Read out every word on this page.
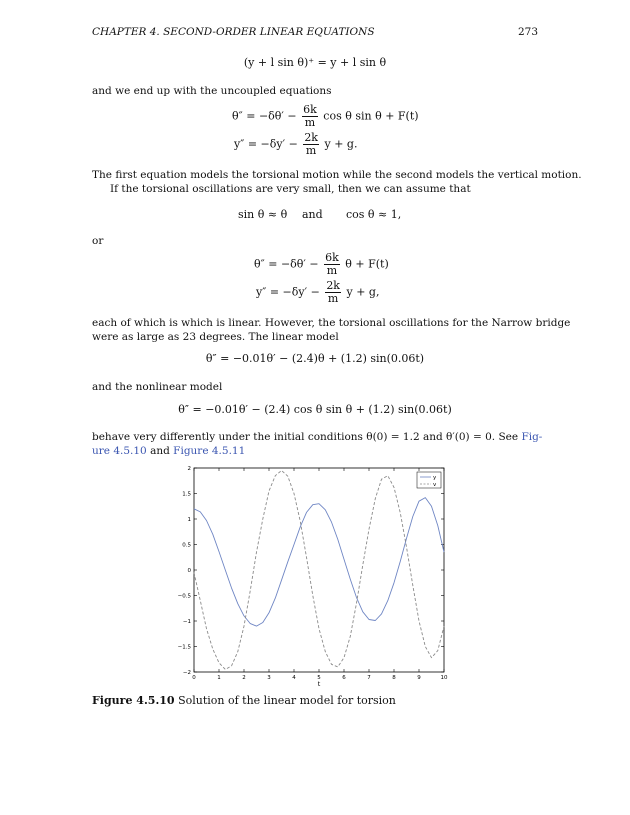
CHAPTER 4. SECOND-ORDER LINEAR EQUATIONS	273
(y + l sin θ)⁺ = y + l sin θ
and we end up with the uncoupled equations
$\theta'' = -\delta\theta' - \frac{6k}{m}$ cos θ sin θ + F(t)
$y'' = -\delta y' - \frac{2k}{m}$ y + g.
The first equation models the torsional motion while the second models the vertical motion.
If the torsional oscillations are very small, then we can assume that
sin θ ≈ θ and cos θ ≈ 1,
or
$\theta'' = -\delta\theta' - \frac{6k}{m}$ θ + F(t)
$y'' = -\delta y' - \frac{2k}{m}$ y + g,
each of which is which is linear. However, the torsional oscillations for the Narrow bridge
were as large as 23 degrees. The linear model
θ″ = −0.01θ′ − (2.4)θ + (1.2) sin(0.06t)
and the nonlinear model
θ″ = −0.01θ′ − (2.4) cos θ sin θ + (1.2) sin(0.06t)
behave very differently under the initial conditions θ(0) = 1.2 and θ′(0) = 0. See Fig-
ure 4.5.10 and Figure 4.5.11
−2
−1.5
−1
−0.5
0
0.5
1
1.5
2
0	1	2	3	4	5	6	7	8	9	10
t
y
v
Figure 4.5.10 Solution of the linear model for torsion
